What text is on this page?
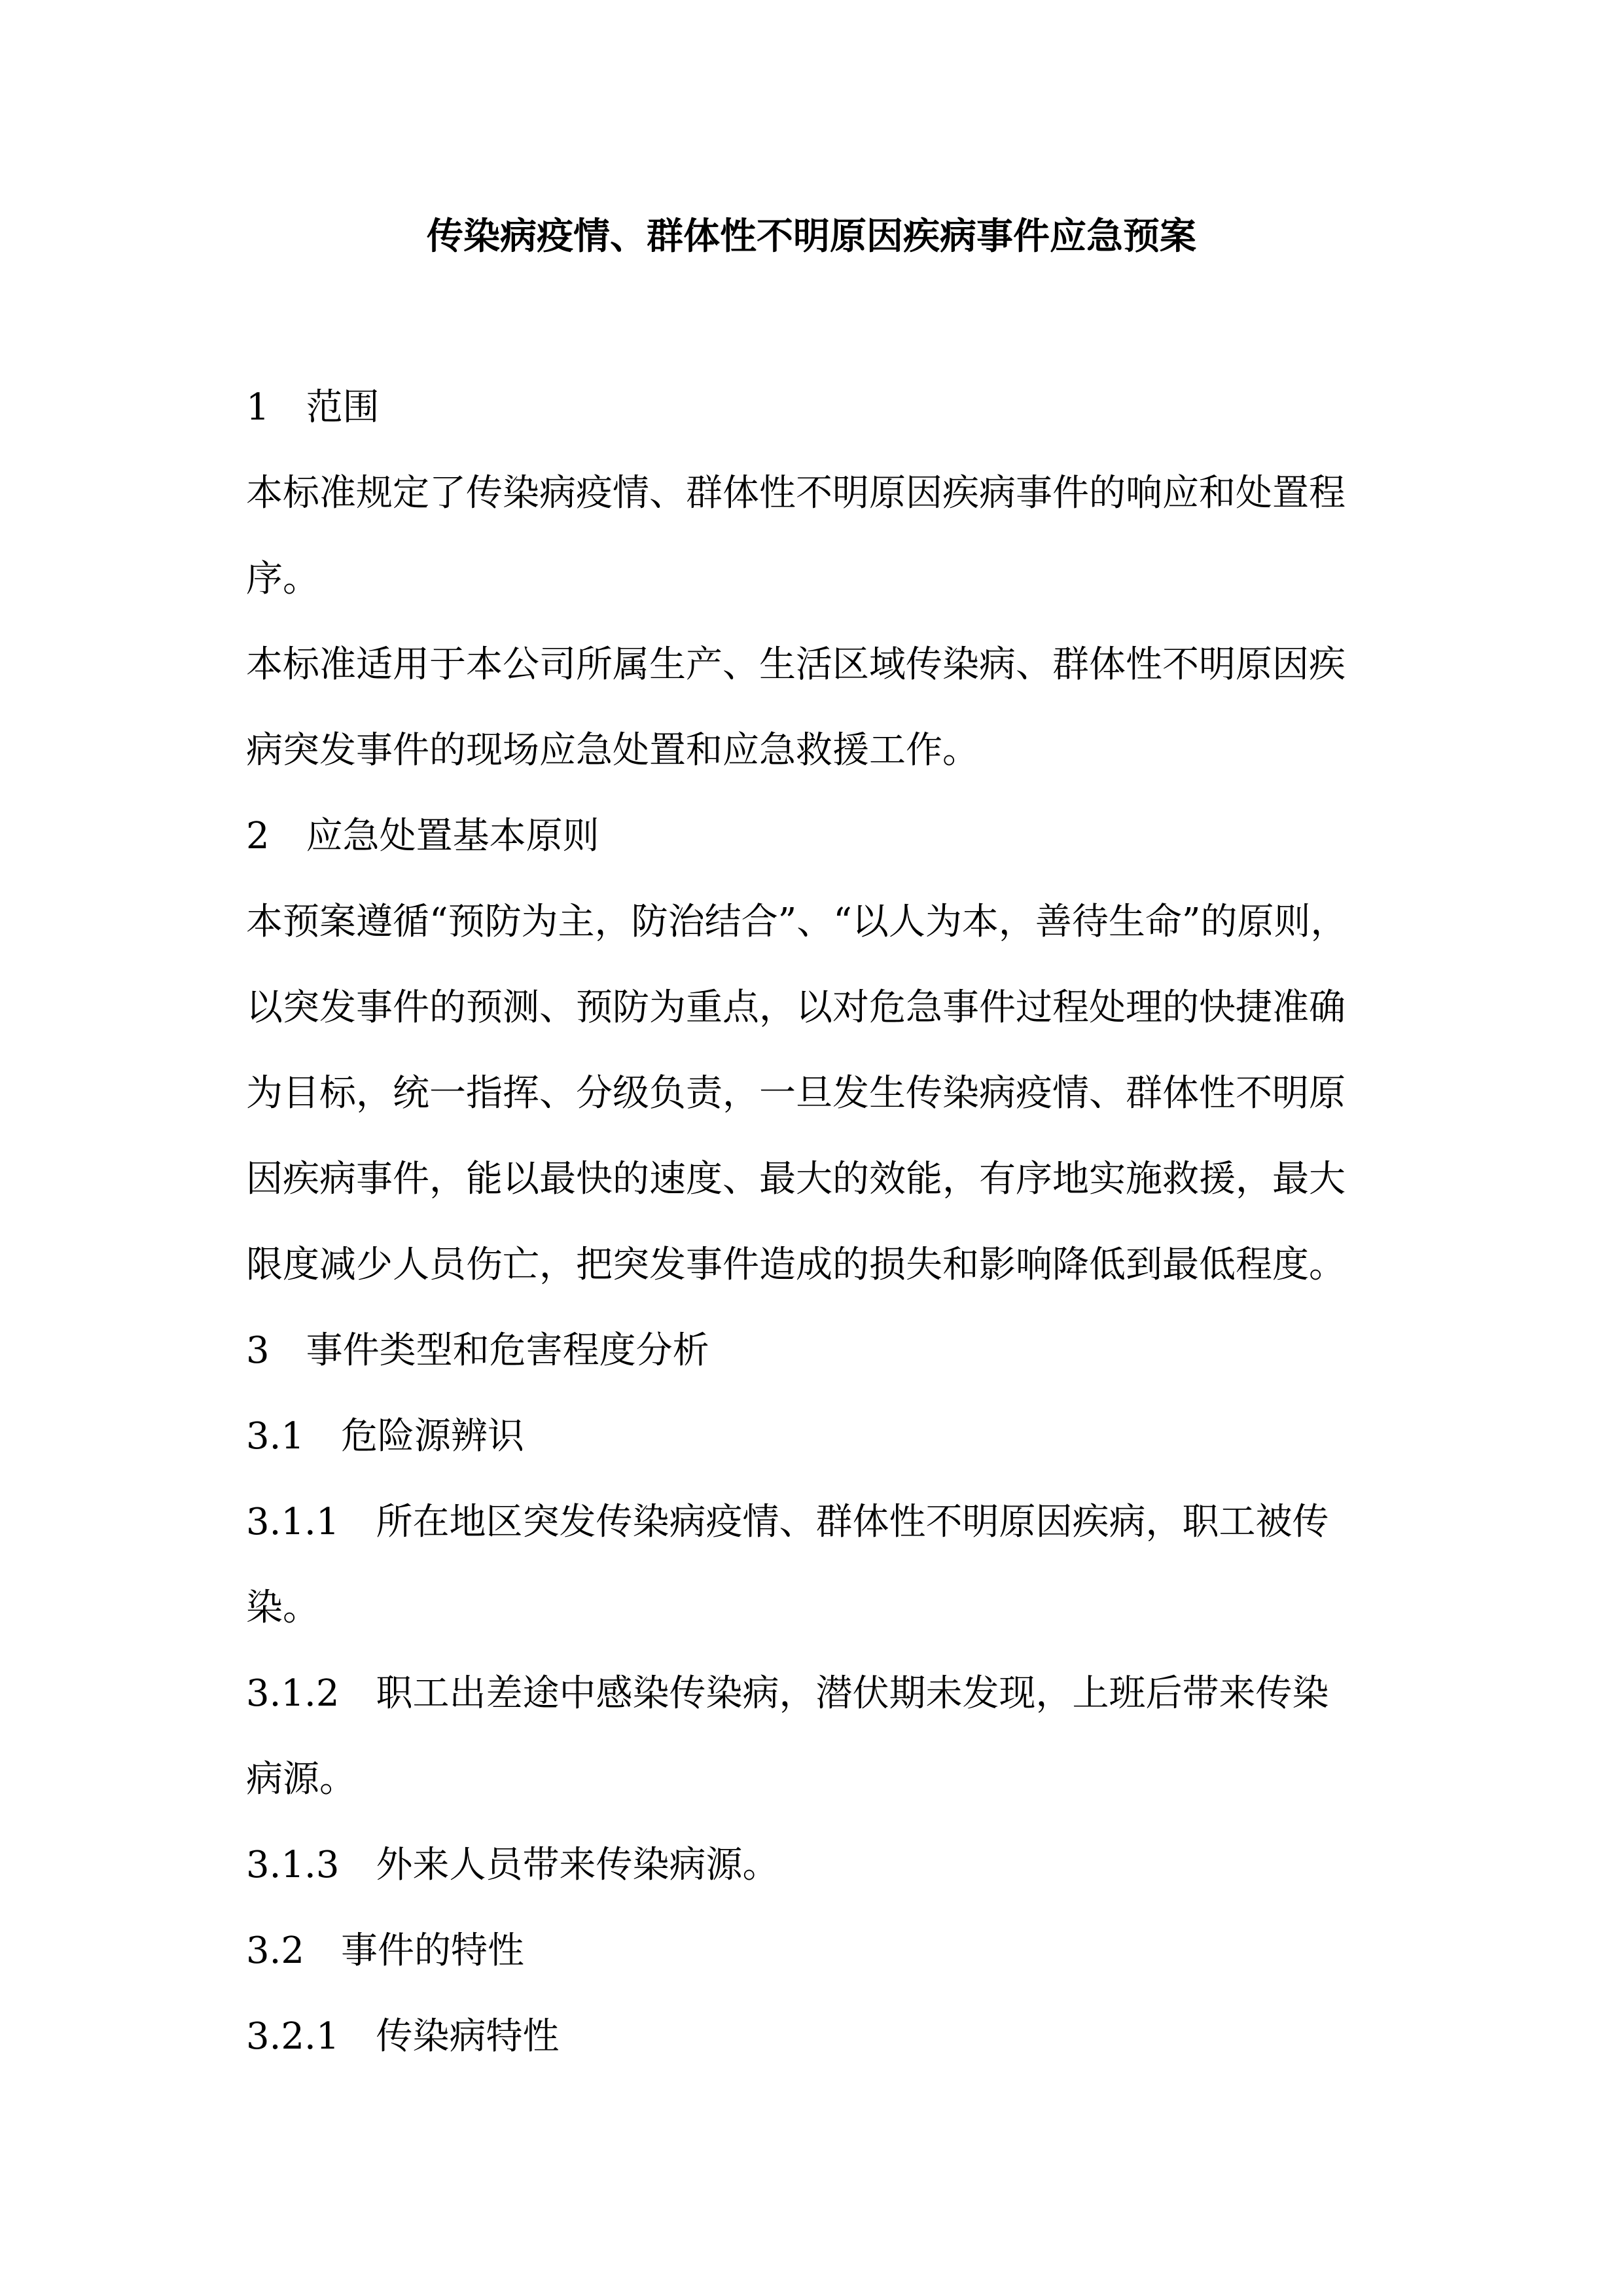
传染病疫情、群体性不明原因疾病事件应急预案
1　范围
本标准规定了传染病疫情、群体性不明原因疾病事件的响应和处置程
序。
本标准适用于本公司所属生产、生活区域传染病、群体性不明原因疾
病突发事件的现场应急处置和应急救援工作。
2　应急处置基本原则
本预案遵循“预防为主，防治结合”、“以人为本，善待生命”的原则，
以突发事件的预测、预防为重点，以对危急事件过程处理的快捷准确
为目标，统一指挥、分级负责，一旦发生传染病疫情、群体性不明原
因疾病事件，能以最快的速度、最大的效能，有序地实施救援，最大
限度减少人员伤亡，把突发事件造成的损失和影响降低到最低程度。
3　事件类型和危害程度分析
3.1　危险源辨识
3.1.1　所在地区突发传染病疫情、群体性不明原因疾病，职工被传
染。
3.1.2　职工出差途中感染传染病，潜伏期未发现，上班后带来传染
病源。
3.1.3　外来人员带来传染病源。
3.2　事件的特性
3.2.1　传染病特性
